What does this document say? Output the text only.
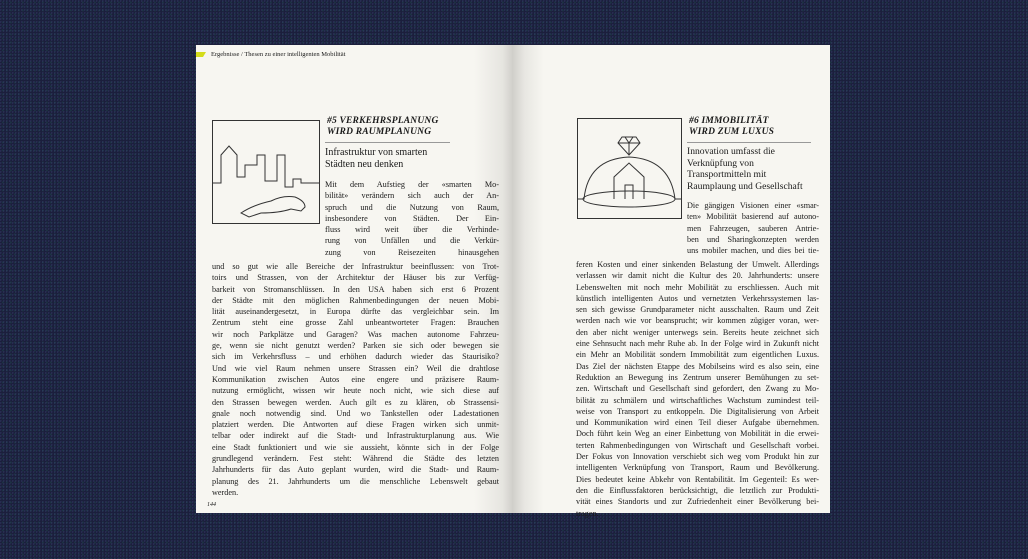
Ergebnisse / Thesen zu einer intelligenten Mobilität
#5 VERKEHRSPLANUNG
WIRD RAUMPLANUNG
Infrastruktur von smarten
Städten neu denken
Mit dem Aufstieg der «smarten Mo-
bilität» verändern sich auch der An-
spruch und die Nutzung von Raum,
insbesondere von Städten. Der Ein-
fluss wird weit über die Verhinde-
rung von Unfällen und die Verkür-
zung von Reisezeiten hinausgehen
und so gut wie alle Bereiche der Infrastruktur beeinflussen: von Trot-
toirs und Strassen, von der Architektur der Häuser bis zur Verfüg-
barkeit von Stromanschlüssen. In den USA haben sich erst 6 Prozent
der Städte mit den möglichen Rahmenbedingungen der neuen Mobi-
lität auseinandergesetzt, in Europa dürfte das vergleichbar sein. Im
Zentrum steht eine grosse Zahl unbeantworteter Fragen: Brauchen
wir noch Parkplätze und Garagen? Was machen autonome Fahrzeu-
ge, wenn sie nicht genutzt werden? Parken sie sich oder bewegen sie
sich im Verkehrsfluss – und erhöhen dadurch wieder das Staurisiko?
Und wie viel Raum nehmen unsere Strassen ein? Weil die drahtlose
Kommunikation zwischen Autos eine engere und präzisere Raum-
nutzung ermöglicht, wissen wir heute noch nicht, wie sich diese auf
den Strassen bewegen werden. Auch gilt es zu klären, ob Strassensi-
gnale noch notwendig sind. Und wo Tankstellen oder Ladestationen
platziert werden. Die Antworten auf diese Fragen wirken sich unmit-
telbar oder indirekt auf die Stadt- und Infrastrukturplanung aus. Wie
eine Stadt funktioniert und wie sie aussieht, könnte sich in der Folge
grundlegend verändern. Fest steht: Während die Städte des letzten
Jahrhunderts für das Auto geplant wurden, wird die Stadt- und Raum-
planung des 21. Jahrhunderts um die menschliche Lebenswelt gebaut
werden.
144
#6 IMMOBILITÄT
WIRD ZUM LUXUS
Innovation umfasst die
Verknüpfung von
Transportmitteln mit
Raumplaung und Gesellschaft
Die gängigen Visionen einer «smar-
ten» Mobilität basierend auf autono-
men Fahrzeugen, sauberen Antrie-
ben und Sharingkonzepten werden
uns mobiler machen, und dies bei tie-
feren Kosten und einer sinkenden Belastung der Umwelt. Allerdings
verlassen wir damit nicht die Kultur des 20. Jahrhunderts: unsere
Lebenswelten mit noch mehr Mobilität zu erschliessen. Auch mit
künstlich intelligenten Autos und vernetzten Verkehrssystemen las-
sen sich gewisse Grundparameter nicht ausschalten. Raum und Zeit
werden nach wie vor beansprucht; wir kommen zügiger voran, wer-
den aber nicht weniger unterwegs sein. Bereits heute zeichnet sich
eine Sehnsucht nach mehr Ruhe ab. In der Folge wird in Zukunft nicht
ein Mehr an Mobilität sondern Immobilität zum eigentlichen Luxus.
Das Ziel der nächsten Etappe des Mobilseins wird es also sein, eine
Reduktion an Bewegung ins Zentrum unserer Bemühungen zu set-
zen. Wirtschaft und Gesellschaft sind gefordert, den Zwang zu Mo-
bilität zu schmälern und wirtschaftliches Wachstum zumindest teil-
weise von Transport zu entkoppeln. Die Digitalisierung von Arbeit
und Kommunikation wird einen Teil dieser Aufgabe übernehmen.
Doch führt kein Weg an einer Einbettung von Mobilität in die erwei-
terten Rahmenbedingungen von Wirtschaft und Gesellschaft vorbei.
Der Fokus von Innovation verschiebt sich weg vom Produkt hin zur
intelligenten Verknüpfung von Transport, Raum und Bevölkerung.
Dies bedeutet keine Abkehr von Rentabilität. Im Gegenteil: Es wer-
den die Einflussfaktoren berücksichtigt, die letztlich zur Produkti-
vität eines Standorts und zur Zufriedenheit einer Bevölkerung bei-
tragen.
